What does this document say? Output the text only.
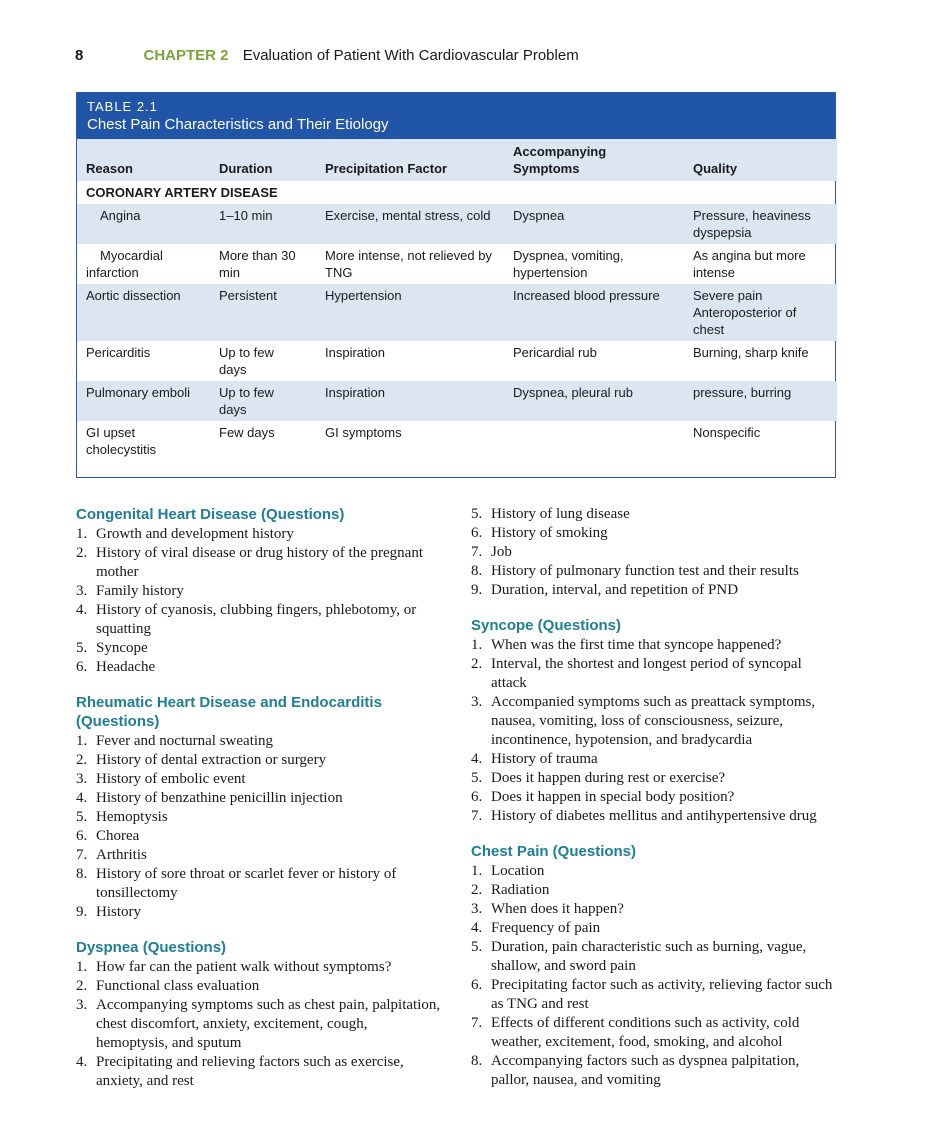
8	CHAPTER 2 Evaluation of Patient With Cardiovascular Problem
TABLE 2.1
Chest Pain Characteristics and Their Etiology
Reason	Duration	Precipitation Factor	Accompanying Symptoms	Quality
CORONARY ARTERY DISEASE				
Angina	1–10 min	Exercise, mental stress, cold	Dyspnea	Pressure, heaviness dyspepsia
Myocardial infarction	More than 30 min	More intense, not relieved by TNG	Dyspnea, vomiting, hypertension	As angina but more intense
Aortic dissection	Persistent	Hypertension	Increased blood pressure	Severe pain Anteroposterior of chest
Pericarditis	Up to few days	Inspiration	Pericardial rub	Burning, sharp knife
Pulmonary emboli	Up to few days	Inspiration	Dyspnea, pleural rub	pressure, burring
GI upset cholecystitis	Few days	GI symptoms		Nonspecific
Congenital Heart Disease (Questions)
1. Growth and development history
2. History of viral disease or drug history of the pregnant mother
3. Family history
4. History of cyanosis, clubbing fingers, phlebotomy, or squatting
5. Syncope
6. Headache
Rheumatic Heart Disease and Endocarditis (Questions)
1. Fever and nocturnal sweating
2. History of dental extraction or surgery
3. History of embolic event
4. History of benzathine penicillin injection
5. Hemoptysis
6. Chorea
7. Arthritis
8. History of sore throat or scarlet fever or history of tonsillectomy
9. History
Dyspnea (Questions)
1. How far can the patient walk without symptoms?
2. Functional class evaluation
3. Accompanying symptoms such as chest pain, palpitation, chest discomfort, anxiety, excitement, cough, hemoptysis, and sputum
4. Precipitating and relieving factors such as exercise, anxiety, and rest
5. History of lung disease
6. History of smoking
7. Job
8. History of pulmonary function test and their results
9. Duration, interval, and repetition of PND
Syncope (Questions)
1. When was the first time that syncope happened?
2. Interval, the shortest and longest period of syncopal attack
3. Accompanied symptoms such as preattack symptoms, nausea, vomiting, loss of consciousness, seizure, incontinence, hypotension, and bradycardia
4. History of trauma
5. Does it happen during rest or exercise?
6. Does it happen in special body position?
7. History of diabetes mellitus and antihypertensive drug
Chest Pain (Questions)
1. Location
2. Radiation
3. When does it happen?
4. Frequency of pain
5. Duration, pain characteristic such as burning, vague, shallow, and sword pain
6. Precipitating factor such as activity, relieving factor such as TNG and rest
7. Effects of different conditions such as activity, cold weather, excitement, food, smoking, and alcohol
8. Accompanying factors such as dyspnea palpitation, pallor, nausea, and vomiting
